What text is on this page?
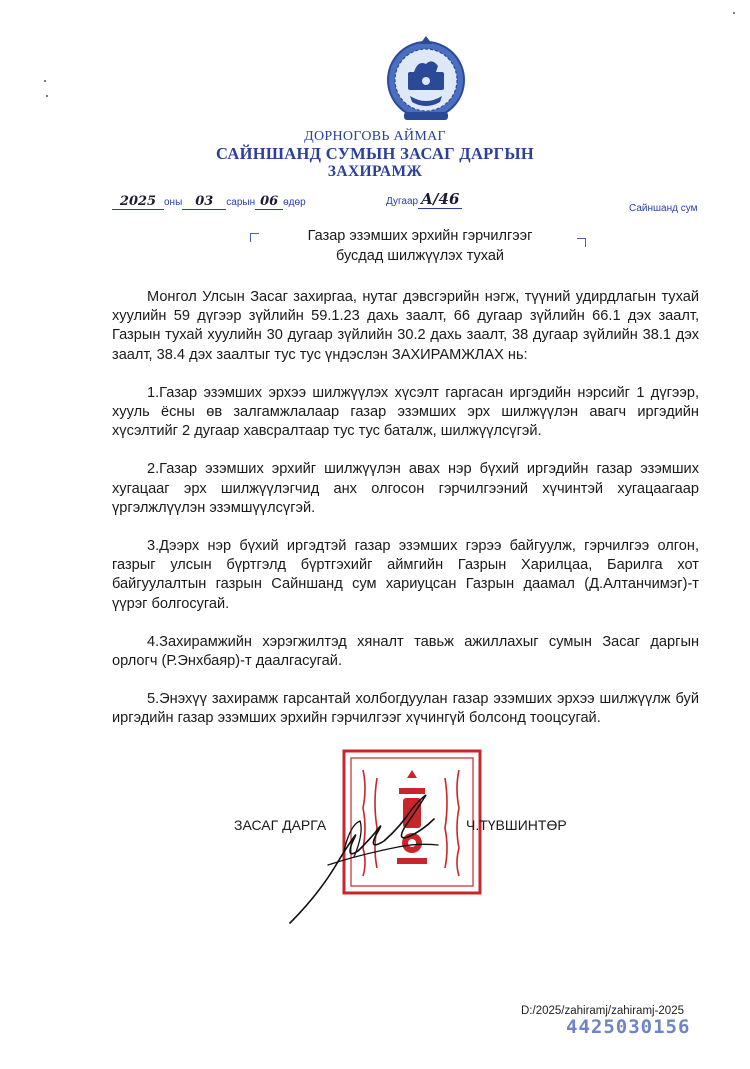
ДОРНОГОВЬ АЙМАГ
САЙНШАНД СУМЫН ЗАСАГ ДАРГЫН
ЗАХИРАМЖ
2025 оны 03 сарын 06 өдөр	Дугаар А/46
Сайншанд сум
Газар эзэмших эрхийн гэрчилгээг
бусдад шилжүүлэх тухай

Монгол Улсын Засаг захиргаа, нутаг дэвсгэрийн нэгж, түүний удирдлагын тухай хуулийн 59 дүгээр зүйлийн 59.1.23 дахь заалт, 66 дугаар зүйлийн 66.1 дэх заалт, Газрын тухай хуулийн 30 дугаар зүйлийн 30.2 дахь заалт, 38 дугаар зүйлийн 38.1 дэх заалт, 38.4 дэх заалтыг тус тус үндэслэн ЗАХИРАМЖЛАХ нь:

1.Газар эзэмших эрхээ шилжүүлэх хүсэлт гаргасан иргэдийн нэрсийг 1 дүгээр, хууль ёсны өв залгамжлалаар газар эзэмших эрх шилжүүлэн авагч иргэдийн хүсэлтийг 2 дугаар хавсралтаар тус тус баталж, шилжүүлсүгэй.

2.Газар эзэмших эрхийг шилжүүлэн авах нэр бүхий иргэдийн газар эзэмших хугацааг эрх шилжүүлэгчид анх олгосон гэрчилгээний хүчинтэй хугацаагаар үргэлжлүүлэн эзэмшүүлсүгэй.

3.Дээрх нэр бүхий иргэдтэй газар эзэмших гэрээ байгуулж, гэрчилгээ олгон, газрыг улсын бүртгэлд бүртгэхийг аймгийн Газрын Харилцаа, Барилга хот байгуулалтын газрын Сайншанд сум хариуцсан Газрын даамал (Д.Алтанчимэг)-т үүрэг болгосугай.

4.Захирамжийн хэрэгжилтэд хяналт тавьж ажиллахыг сумын Засаг даргын орлогч (Р.Энхбаяр)-т даалгасугай.

5.Энэхүү захирамж гарсантай холбогдуулан газар эзэмших эрхээ шилжүүлж буй иргэдийн газар эзэмших эрхийн гэрчилгээг хүчингүй болсонд тооцсугай.

ЗАСАГ ДАРГА	Ч.ТҮВШИНТӨР
D:/2025/zahiramj/zahiramj-2025
4425030156
